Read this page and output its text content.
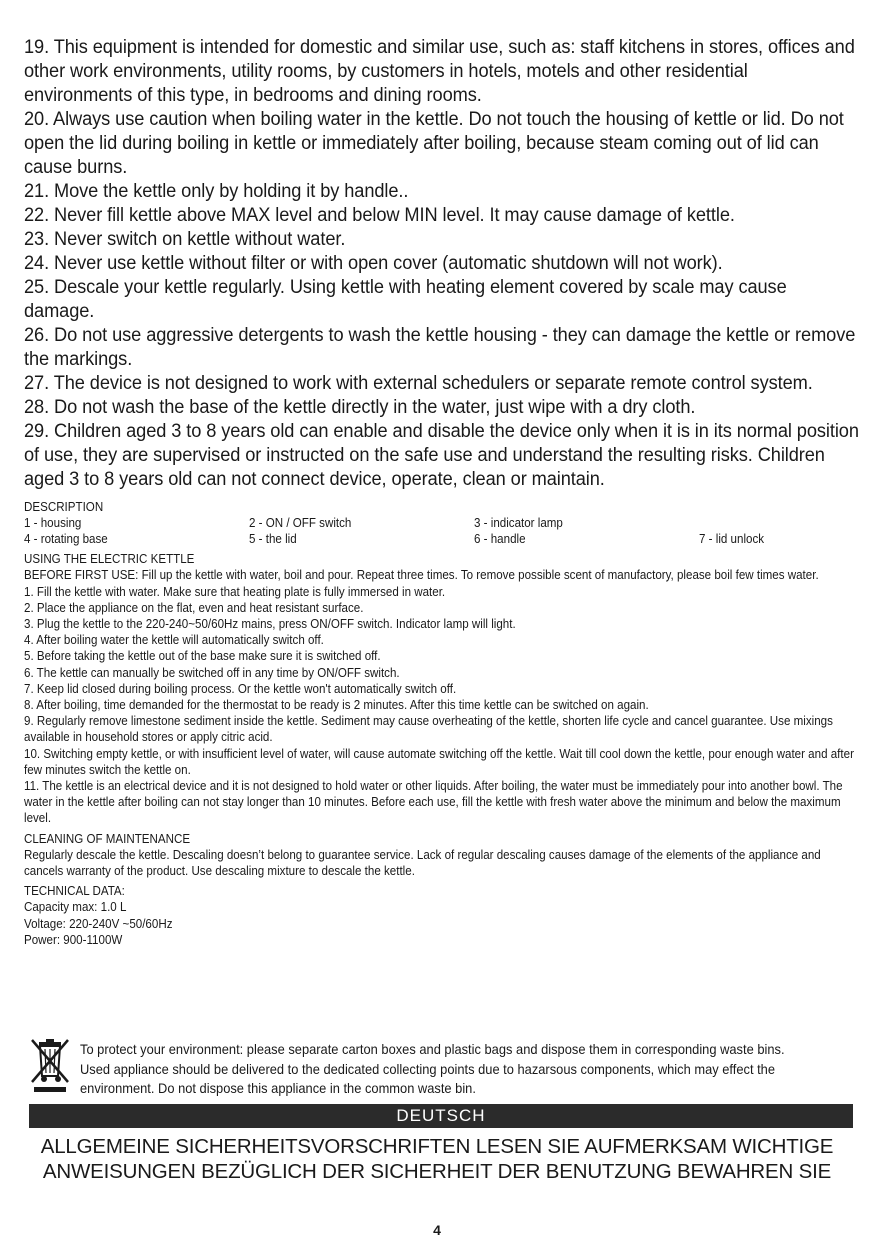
19. This equipment is intended for domestic and similar use, such as: staff kitchens in stores, offices and other work environments, utility rooms, by customers in hotels, motels and other residential environments of this type, in bedrooms and dining rooms.

20. Always use caution when boiling water in the kettle. Do not touch the housing of kettle or lid. Do not open the lid during boiling in kettle or immediately after boiling, because steam coming out of lid can cause burns.

21. Move the kettle only by holding it by handle..

22. Never fill kettle above MAX level and below MIN level. It may cause damage of kettle.

23. Never switch on kettle without water.

24. Never use kettle without filter or with open cover (automatic shutdown will not work).

25. Descale your kettle regularly. Using kettle with heating element covered by scale may cause damage.

26. Do not use aggressive detergents to wash the kettle housing - they can damage the kettle or remove the markings.

27. The device is not designed to work with external schedulers or separate remote control system.

28. Do not wash the base of the kettle directly in the water, just wipe with a dry cloth.

29. Children aged 3 to 8 years old can enable and disable the device only when it is in its normal position of use, they are supervised or instructed on the safe use and understand the resulting risks. Children aged 3 to 8 years old can not connect device, operate, clean or maintain.

DESCRIPTION

1 - housing	2 - ON / OFF switch	3 - indicator lamp
4 - rotating base	5 - the lid	6 - handle	7 - lid unlock

USING THE ELECTRIC KETTLE

BEFORE FIRST USE: Fill up the kettle with water, boil and pour. Repeat three times. To remove possible scent of manufactory, please boil few times water.

1. Fill the kettle with water. Make sure that heating plate is fully immersed in water.

2. Place the appliance on the flat, even and heat resistant surface.

3. Plug the kettle to the 220-240~50/60Hz mains, press ON/OFF switch. Indicator lamp will light.

4. After boiling water the kettle will automatically switch off.

5. Before taking the kettle out of the base make sure it is switched off.

6. The kettle can manually be switched off in any time by ON/OFF switch.

7. Keep lid closed during boiling process. Or the kettle won't automatically switch off.

8. After boiling, time demanded for the thermostat to be ready is 2 minutes. After this time kettle can be switched on again.

9. Regularly remove limestone sediment inside the kettle. Sediment may cause overheating of the kettle, shorten life cycle and cancel guarantee. Use mixings available in household stores or apply citric acid.

10. Switching empty kettle, or with insufficient level of water, will cause automate switching off the kettle. Wait till cool down the kettle, pour enough water and after few minutes switch the kettle on.

11. The kettle is an electrical device and it is not designed to hold water or other liquids. After boiling, the water must be immediately pour into another bowl. The water in the kettle after boiling can not stay longer than 10 minutes. Before each use, fill the kettle with fresh water above the minimum and below the maximum level.

CLEANING OF MAINTENANCE

Regularly descale the kettle. Descaling doesn’t belong to guarantee service. Lack of regular descaling causes damage of the elements of the appliance and cancels warranty of the product. Use descaling mixture to descale the kettle.

TECHNICAL DATA:

Capacity max: 1.0 L

Voltage: 220-240V ~50/60Hz

Power: 900-1100W

To protect your environment: please separate carton boxes and plastic bags and dispose them in corresponding waste bins.

Used appliance should be delivered to the dedicated collecting points due to hazarsous components, which may effect the

environment. Do not dispose this appliance in the common waste bin.

DEUTSCH

ALLGEMEINE SICHERHEITSVORSCHRIFTEN LESEN SIE AUFMERKSAM WICHTIGE

ANWEISUNGEN BEZÜGLICH DER SICHERHEIT DER BENUTZUNG BEWAHREN SIE

4
